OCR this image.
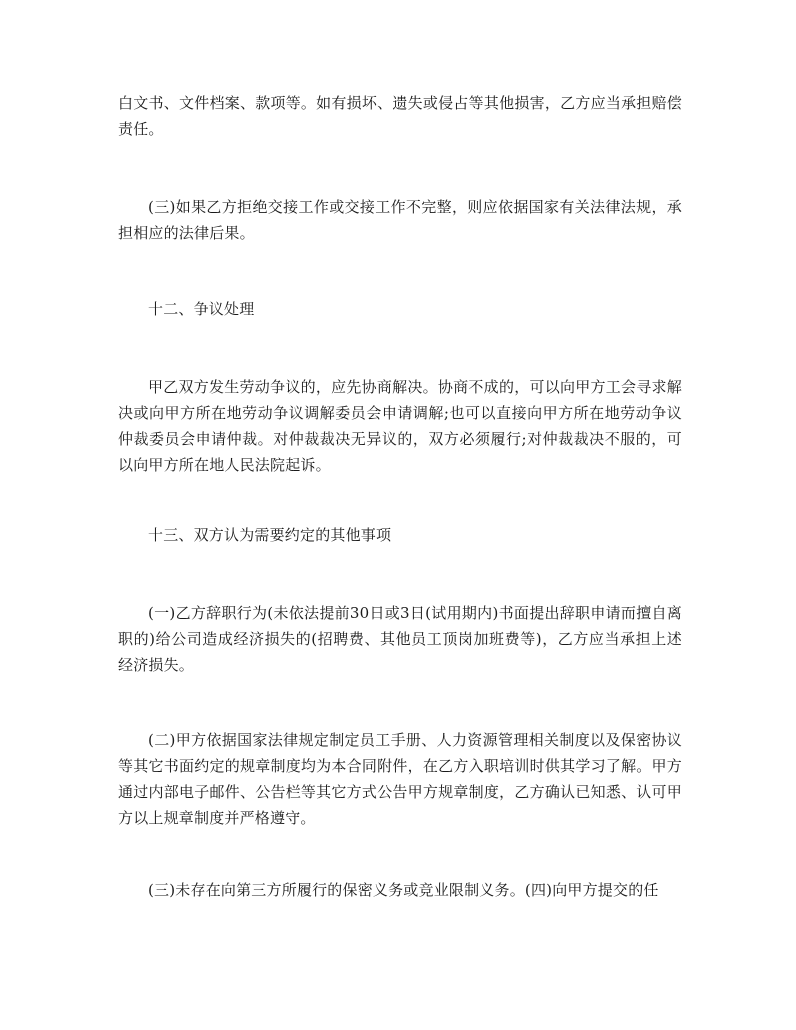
白文书、文件档案、款项等。如有损坏、遗失或侵占等其他损害，乙方应当承担赔偿责任。

(三)如果乙方拒绝交接工作或交接工作不完整，则应依据国家有关法律法规，承担相应的法律后果。

十二、争议处理

甲乙双方发生劳动争议的，应先协商解决。协商不成的，可以向甲方工会寻求解决或向甲方所在地劳动争议调解委员会申请调解;也可以直接向甲方所在地劳动争议仲裁委员会申请仲裁。对仲裁裁决无异议的，双方必须履行;对仲裁裁决不服的，可以向甲方所在地人民法院起诉。

十三、双方认为需要约定的其他事项

(一)乙方辞职行为(未依法提前30日或3日(试用期内)书面提出辞职申请而擅自离职的)给公司造成经济损失的(招聘费、其他员工顶岗加班费等)，乙方应当承担上述经济损失。

(二)甲方依据国家法律规定制定员工手册、人力资源管理相关制度以及保密协议等其它书面约定的规章制度均为本合同附件，在乙方入职培训时供其学习了解。甲方通过内部电子邮件、公告栏等其它方式公告甲方规章制度，乙方确认已知悉、认可甲方以上规章制度并严格遵守。

(三)未存在向第三方所履行的保密义务或竞业限制义务。(四)向甲方提交的任
